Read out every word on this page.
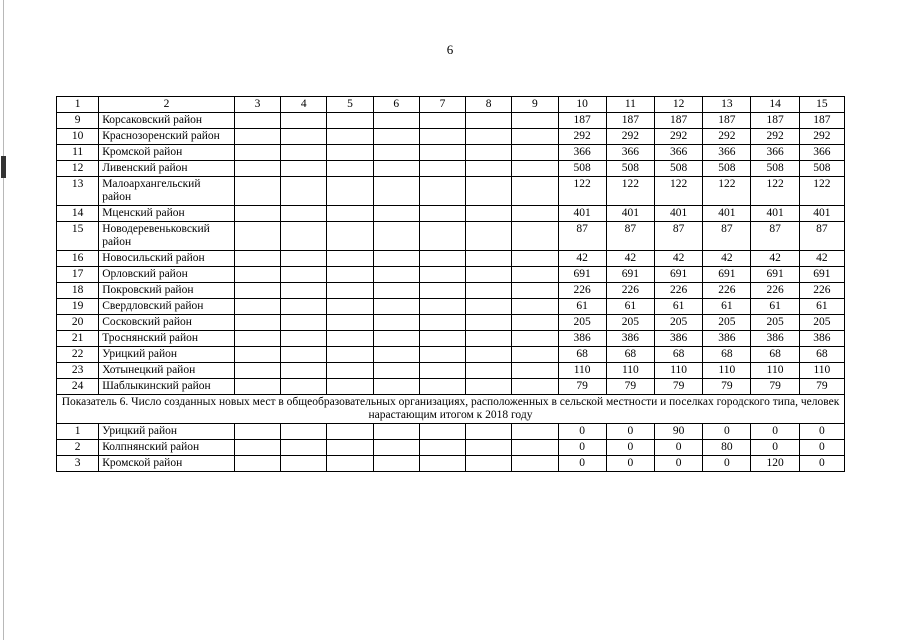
6
1	2	3	4	5	6	7	8	9	10	11	12	13	14	15
9	Корсаковский район								187	187	187	187	187	187
10	Краснозоренский район								292	292	292	292	292	292
11	Кромской район								366	366	366	366	366	366
12	Ливенский район								508	508	508	508	508	508
13	Малоархангельский район								122	122	122	122	122	122
14	Мценский район								401	401	401	401	401	401
15	Новодеревеньковский район								87	87	87	87	87	87
16	Новосильский район								42	42	42	42	42	42
17	Орловский район								691	691	691	691	691	691
18	Покровский район								226	226	226	226	226	226
19	Свердловский район								61	61	61	61	61	61
20	Сосковский район								205	205	205	205	205	205
21	Троснянский район								386	386	386	386	386	386
22	Урицкий район								68	68	68	68	68	68
23	Хотынецкий район								110	110	110	110	110	110
24	Шаблыкинский район								79	79	79	79	79	79
Показатель 6. Число созданных новых мест в общеобразовательных организациях, расположенных в сельской местности и поселках городского типа, человек нарастающим итогом к 2018 году														
1	Урицкий район								0	0	90	0	0	0
2	Колпнянский район								0	0	0	80	0	0
3	Кромской район								0	0	0	0	120	0
